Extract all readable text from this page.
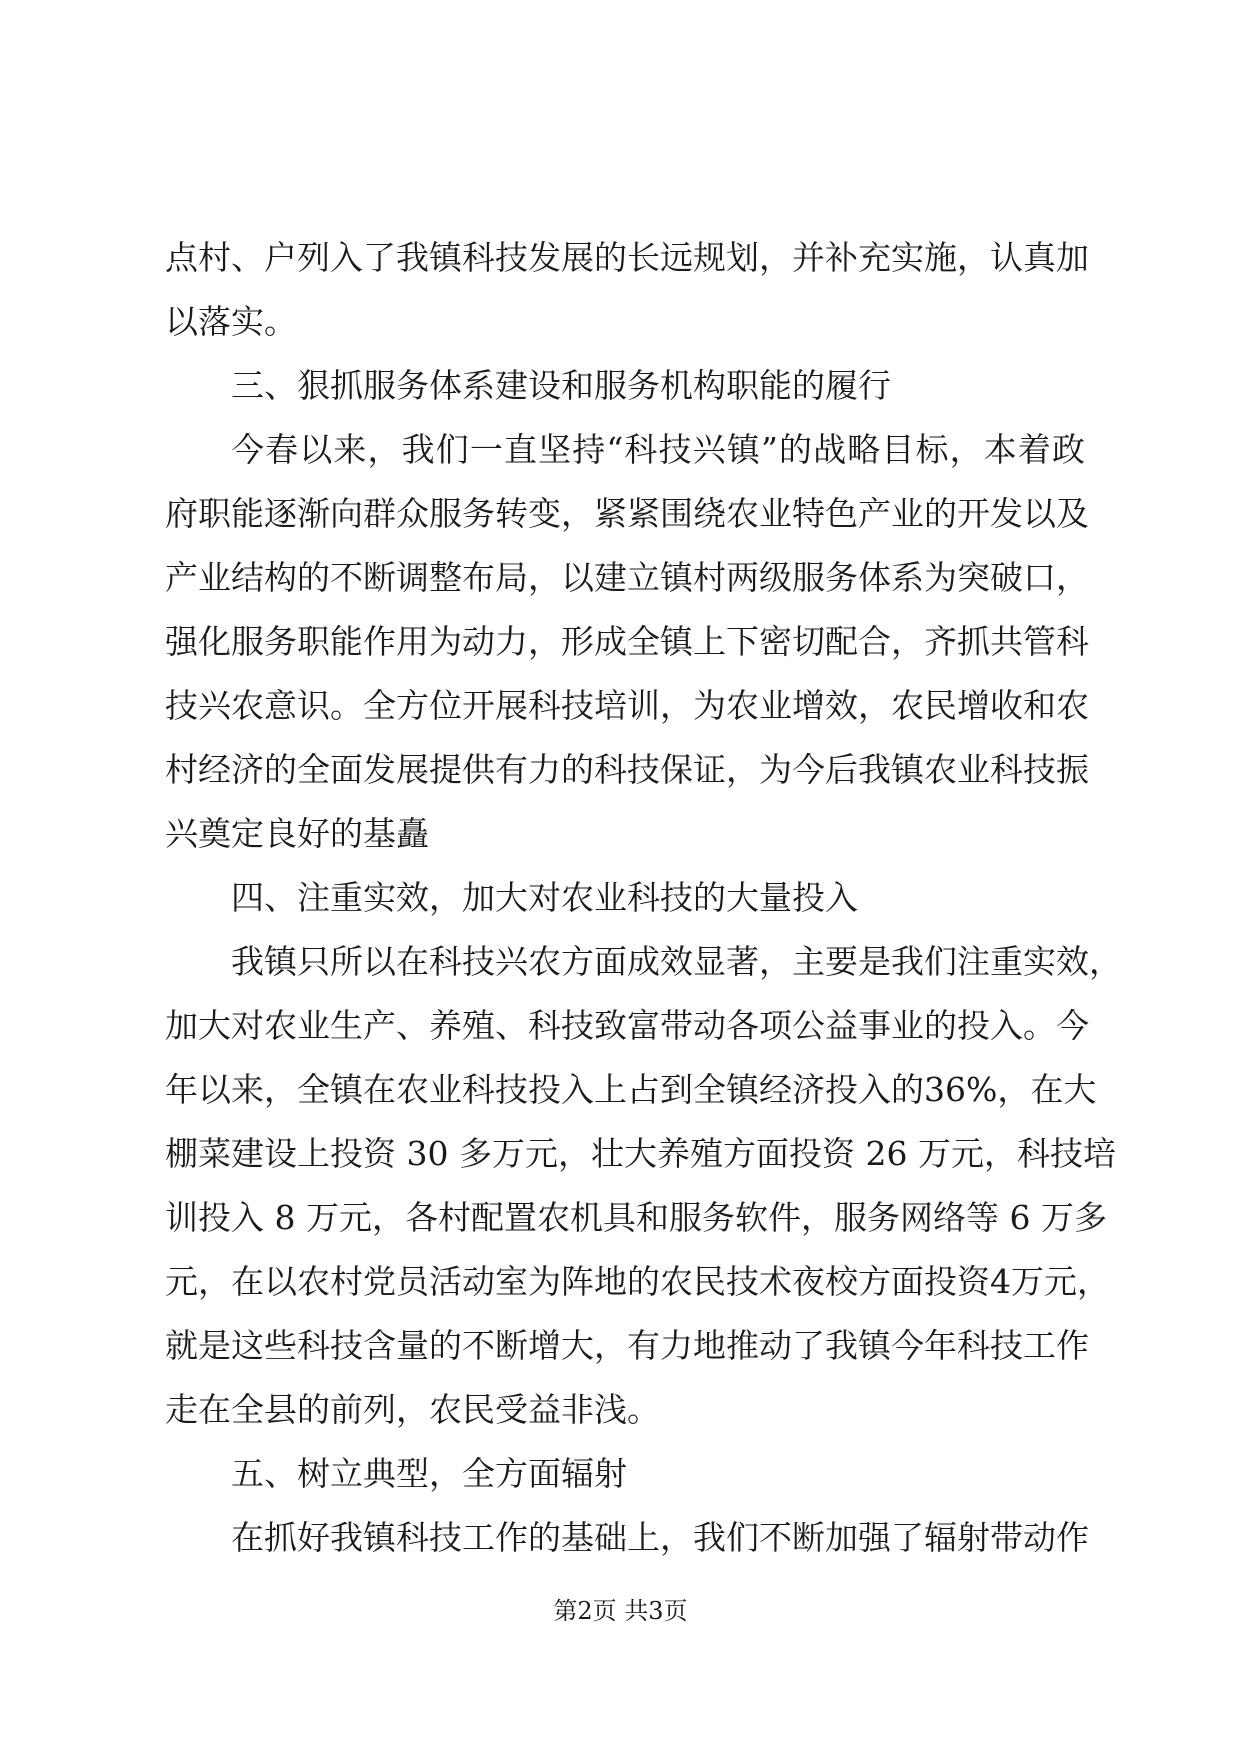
点村、户列入了我镇科技发展的长远规划，并补充实施，认真加
以落实。
三、狠抓服务体系建设和服务机构职能的履行
今春以来，我们一直坚持“科技兴镇”的战略目标，本着政
府职能逐渐向群众服务转变，紧紧围绕农业特色产业的开发以及
产业结构的不断调整布局，以建立镇村两级服务体系为突破口，
强化服务职能作用为动力，形成全镇上下密切配合，齐抓共管科
技兴农意识。全方位开展科技培训，为农业增效，农民增收和农
村经济的全面发展提供有力的科技保证，为今后我镇农业科技振
兴奠定良好的基矗
四、注重实效，加大对农业科技的大量投入
我镇只所以在科技兴农方面成效显著，主要是我们注重实效，
加大对农业生产、养殖、科技致富带动各项公益事业的投入。今
年以来，全镇在农业科技投入上占到全镇经济投入的36%，在大
棚菜建设上投资 30 多万元，壮大养殖方面投资 26 万元，科技培
训投入 8 万元，各村配置农机具和服务软件，服务网络等 6 万多
元，在以农村党员活动室为阵地的农民技术夜校方面投资4万元，
就是这些科技含量的不断增大，有力地推动了我镇今年科技工作
走在全县的前列，农民受益非浅。
五、树立典型，全方面辐射
在抓好我镇科技工作的基础上，我们不断加强了辐射带动作
第2页 共3页
